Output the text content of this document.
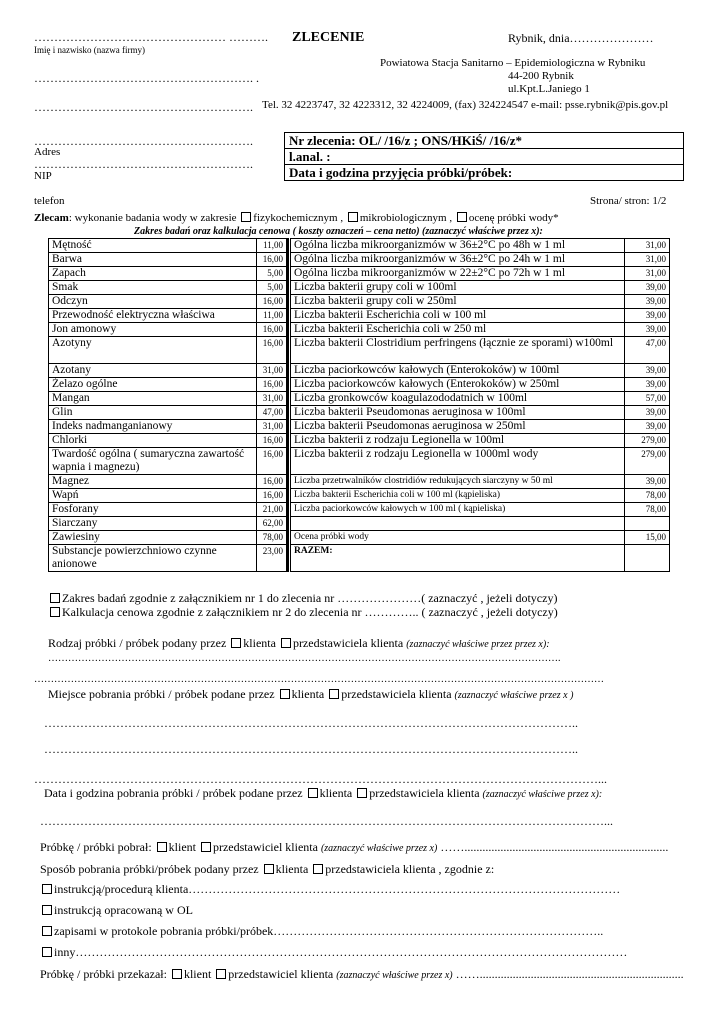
………………………………………… ……….
Imię i nazwisko (nazwa firmy)
ZLECENIE	Rybnik, dnia…………………
………………………………………………. .
Powiatowa Stacja Sanitarno – Epidemiologiczna w Rybniku
44-200 Rybnik
ul.Kpt.L.Janiego 1
………………………………………………. Tel. 32 4223747, 32 4223312, 32 4224009, (fax) 324224547 e-mail: psse.rybnik@pis.gov.pl
……………………………………………….
Adres
……………………………………………….
NIP
telefon	Strona/ stron: 1/2
Nr zlecenia: OL/ /16/z ; ONS/HKiŚ/ /16/z*
l.anal. :
Data i godzina przyjęcia próbki/próbek:
Zlecam: wykonanie badania wody w zakresie fizykochemicznym , mikrobiologicznym , ocenę próbki wody*
Zakres badań oraz kalkulacja cenowa ( koszty oznaczeń – cena netto) (zaznaczyć właściwe przez x):
Mętność	11,00		Ogólna liczba mikroorganizmów w 36±2°C po 48h w 1 ml	31,00
Barwa	16,00		Ogólna liczba mikroorganizmów w 36±2°C po 24h w 1 ml	31,00
Zapach	5,00		Ogólna liczba mikroorganizmów w 22±2°C po 72h w 1 ml	31,00
Smak	5,00		Liczba bakterii grupy coli w 100ml	39,00
Odczyn	16,00		Liczba bakterii grupy coli w 250ml	39,00
Przewodność elektryczna właściwa	11,00		Liczba bakterii Escherichia coli w 100 ml	39,00
Jon amonowy	16,00		Liczba bakterii Escherichia coli w 250 ml	39,00
Azotyny	16,00		Liczba bakterii Clostridium perfringens (łącznie ze sporami) w100ml	47,00
Azotany	31,00		Liczba paciorkowców kałowych (Enterokoków) w 100ml	39,00
Żelazo ogólne	16,00		Liczba paciorkowców kałowych (Enterokoków) w 250ml	39,00
Mangan	31,00		Liczba gronkowców koagulazododatnich w 100ml	57,00
Glin	47,00		Liczba bakterii Pseudomonas aeruginosa w 100ml	39,00
Indeks nadmanganianowy	31,00		Liczba bakterii Pseudomonas aeruginosa w 250ml	39,00
Chlorki	16,00		Liczba bakterii z rodzaju Legionella w 100ml	279,00
Twardość ogólna ( sumaryczna zawartość wapnia i magnezu)	16,00		Liczba bakterii z rodzaju Legionella w 1000ml wody	279,00
Magnez	16,00		Liczba przetrwalników clostridiów redukujących siarczyny w 50 ml	39,00
Wapń	16,00		Liczba bakterii Escherichia coli w 100 ml (kąpieliska)	78,00
Fosforany	21,00		Liczba paciorkowców kałowych w 100 ml ( kąpieliska)	78,00
Siarczany	62,00			
Zawiesiny	78,00		Ocena próbki wody	15,00
Substancje powierzchniowo czynne anionowe	23,00		RAZEM:	
Zakres badań zgodnie z załącznikiem nr 1 do zlecenia nr …………………( zaznaczyć , jeżeli dotyczy)
Kalkulacja cenowa zgodnie z załącznikiem nr 2 do zlecenia nr ………….. ( zaznaczyć , jeżeli dotyczy)
Rodzaj próbki / próbek podany przez klienta przedstawiciela klienta (zaznaczyć właściwe przez przez x):
……………………………………………………………………………………………………………………………………….
………………………………………………………………………………………………………………………………………………………
Miejsce pobrania próbki / próbek podane przez klienta przedstawiciela klienta (zaznaczyć właściwe przez x )
……………………………………………………………………………………………………………………..
……………………………………………………………………………………………………………………..
……………………………………………………………………………………………………………………………...
Data i godzina pobrania próbki / próbek podane przez klienta przedstawiciela klienta (zaznaczyć właściwe przez x):
……………………………………………………………………………………………………………………………...
Próbkę / próbki pobrał: klient przedstawiciel klienta (zaznaczyć właściwe przez x) ……....................................................................
Sposób pobrania próbki/próbek podany przez klienta przedstawiciela klienta , zgodnie z:
instrukcją/procedurą klienta………………………………………………………………………………………………
instrukcją opracowaną w OL
zapisami w protokole pobrania próbki/próbek………………………………………………………………………..
inny…………………………………………………………………………………………………………………………
Próbkę / próbki przekazał: klient przedstawiciel klienta (zaznaczyć właściwe przez x) ……....................................................................
